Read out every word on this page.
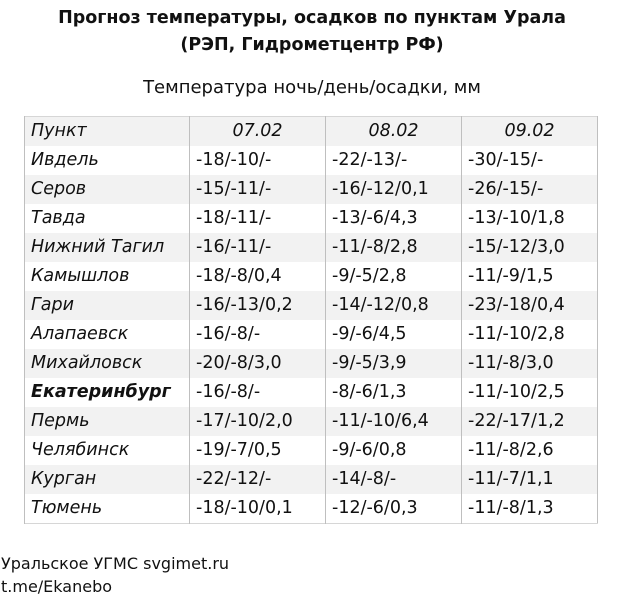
Прогноз температуры, осадков по пунктам Урала
(РЭП, Гидрометцентр РФ)
Температура ночь/день/осадки, мм
Пункт	07.02	08.02	09.02
Ивдель	-18/-10/-	-22/-13/-	-30/-15/-
Серов	-15/-11/-	-16/-12/0,1	-26/-15/-
Тавда	-18/-11/-	-13/-6/4,3	-13/-10/1,8
Нижний Тагил	-16/-11/-	-11/-8/2,8	-15/-12/3,0
Камышлов	-18/-8/0,4	-9/-5/2,8	-11/-9/1,5
Гари	-16/-13/0,2	-14/-12/0,8	-23/-18/0,4
Алапаевск	-16/-8/-	-9/-6/4,5	-11/-10/2,8
Михайловск	-20/-8/3,0	-9/-5/3,9	-11/-8/3,0
Екатеринбург	-16/-8/-	-8/-6/1,3	-11/-10/2,5
Пермь	-17/-10/2,0	-11/-10/6,4	-22/-17/1,2
Челябинск	-19/-7/0,5	-9/-6/0,8	-11/-8/2,6
Курган	-22/-12/-	-14/-8/-	-11/-7/1,1
Тюмень	-18/-10/0,1	-12/-6/0,3	-11/-8/1,3
Уральское УГМС svgimet.ru
t.me/Ekanebo
